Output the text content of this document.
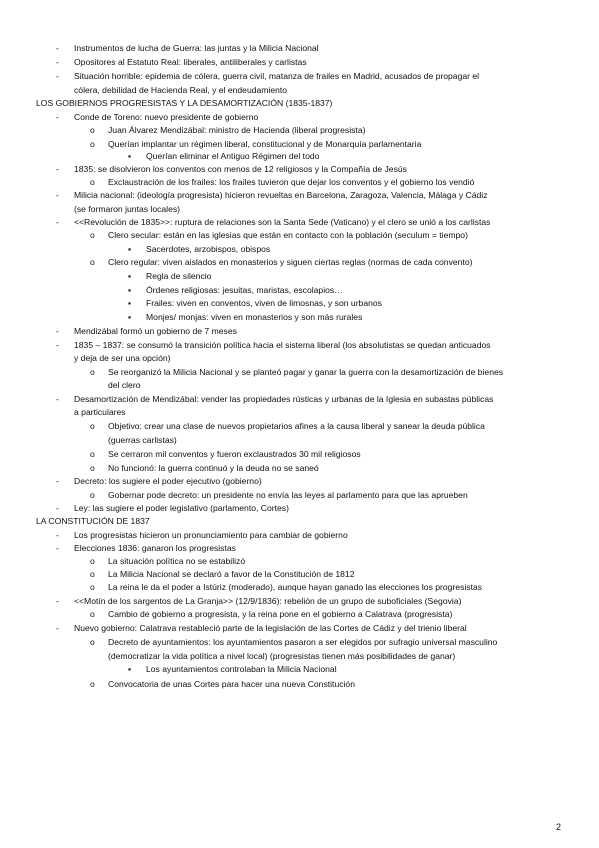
- Instrumentos de lucha de Guerra: las juntas y la Milicia Nacional
- Opositores al Estatuto Real: liberales, antiliberales y carlistas
- Situación horrible: epidemia de cólera, guerra civil, matanza de frailes en Madrid, acusados de propagar el
cólera, debilidad de Hacienda Real, y el endeudamiento
LOS GOBIERNOS PROGRESISTAS Y LA DESAMORTIZACIÓN (1835-1837)
- Conde de Toreno: nuevo presidente de gobierno
o Juan Álvarez Mendizábal: ministro de Hacienda (liberal progresista)
o Querían implantar un régimen liberal, constitucional y de Monarquía parlamentaria
▪ Querían eliminar el Antiguo Régimen del todo
- 1835: se disolvieron los conventos con menos de 12 religiosos y la Compañía de Jesús
o Exclaustración de los frailes: los frailes tuvieron que dejar los conventos y el gobierno los vendió
- Milicia nacional: (ideología progresista) hicieron revueltas en Barcelona, Zaragoza, Valencia, Málaga y Cádiz
(se formaron juntas locales)
- <<Revolución de 1835>>: ruptura de relaciones son la Santa Sede (Vaticano) y el clero se unió a los carlistas
o Clero secular: están en las iglesias que están en contacto con la población (seculum = tiempo)
▪ Sacerdotes, arzobispos, obispos
o Clero regular: viven aislados en monasterios y siguen ciertas reglas (normas de cada convento)
▪ Regla de silencio
▪ Órdenes religiosas: jesuitas, maristas, escolapios…
▪ Frailes: viven en conventos, viven de limosnas, y son urbanos
▪ Monjes/ monjas: viven en monasterios y son más rurales
- Mendizábal formó un gobierno de 7 meses
- 1835 – 1837: se consumó la transición política hacia el sistema liberal (los absolutistas se quedan anticuados
y deja de ser una opción)
o Se reorganizó la Milicia Nacional y se planteó pagar y ganar la guerra con la desamortización de bienes
del clero
- Desamortización de Mendizábal: vender las propiedades rústicas y urbanas de la Iglesia en subastas públicas
a particulares
o Objetivo: crear una clase de nuevos propietarios afines a la causa liberal y sanear la deuda pública
(guerras carlistas)
o Se cerraron mil conventos y fueron exclaustrados 30 mil religiosos
o No funcionó: la guerra continuó y la deuda no se saneó
- Decreto: los sugiere el poder ejecutivo (gobierno)
o Gobernar pode decreto: un presidente no envía las leyes al parlamento para que las aprueben
- Ley: las sugiere el poder legislativo (parlamento, Cortes)
LA CONSTITUCIÓN DE 1837
- Los progresistas hicieron un pronunciamiento para cambiar de gobierno
- Elecciones 1836: ganaron los progresistas
o La situación política no se estabilizó
o La Milicia Nacional se declaró a favor de la Constitución de 1812
o La reina le da el poder a Istúriz (moderado), aunque hayan ganado las elecciones los progresistas
- <<Motín de los sargentos de La Granja>> (12/9/1836): rebelión de un grupo de suboficiales (Segovia)
o Cambio de gobierno a progresista, y la reina pone en el gobierno a Calatrava (progresista)
- Nuevo gobierno: Calatrava restableció parte de la legislación de las Cortes de Cádiz y del trienio liberal
o Decreto de ayuntamientos: los ayuntamientos pasaron a ser elegidos por sufragio universal masculino
(democratizar la vida política a nivel local) (progresistas tienen más posibilidades de ganar)
▪ Los ayuntamientos controlaban la Milicia Nacional
o Convocatoria de unas Cortes para hacer una nueva Constitución
2
